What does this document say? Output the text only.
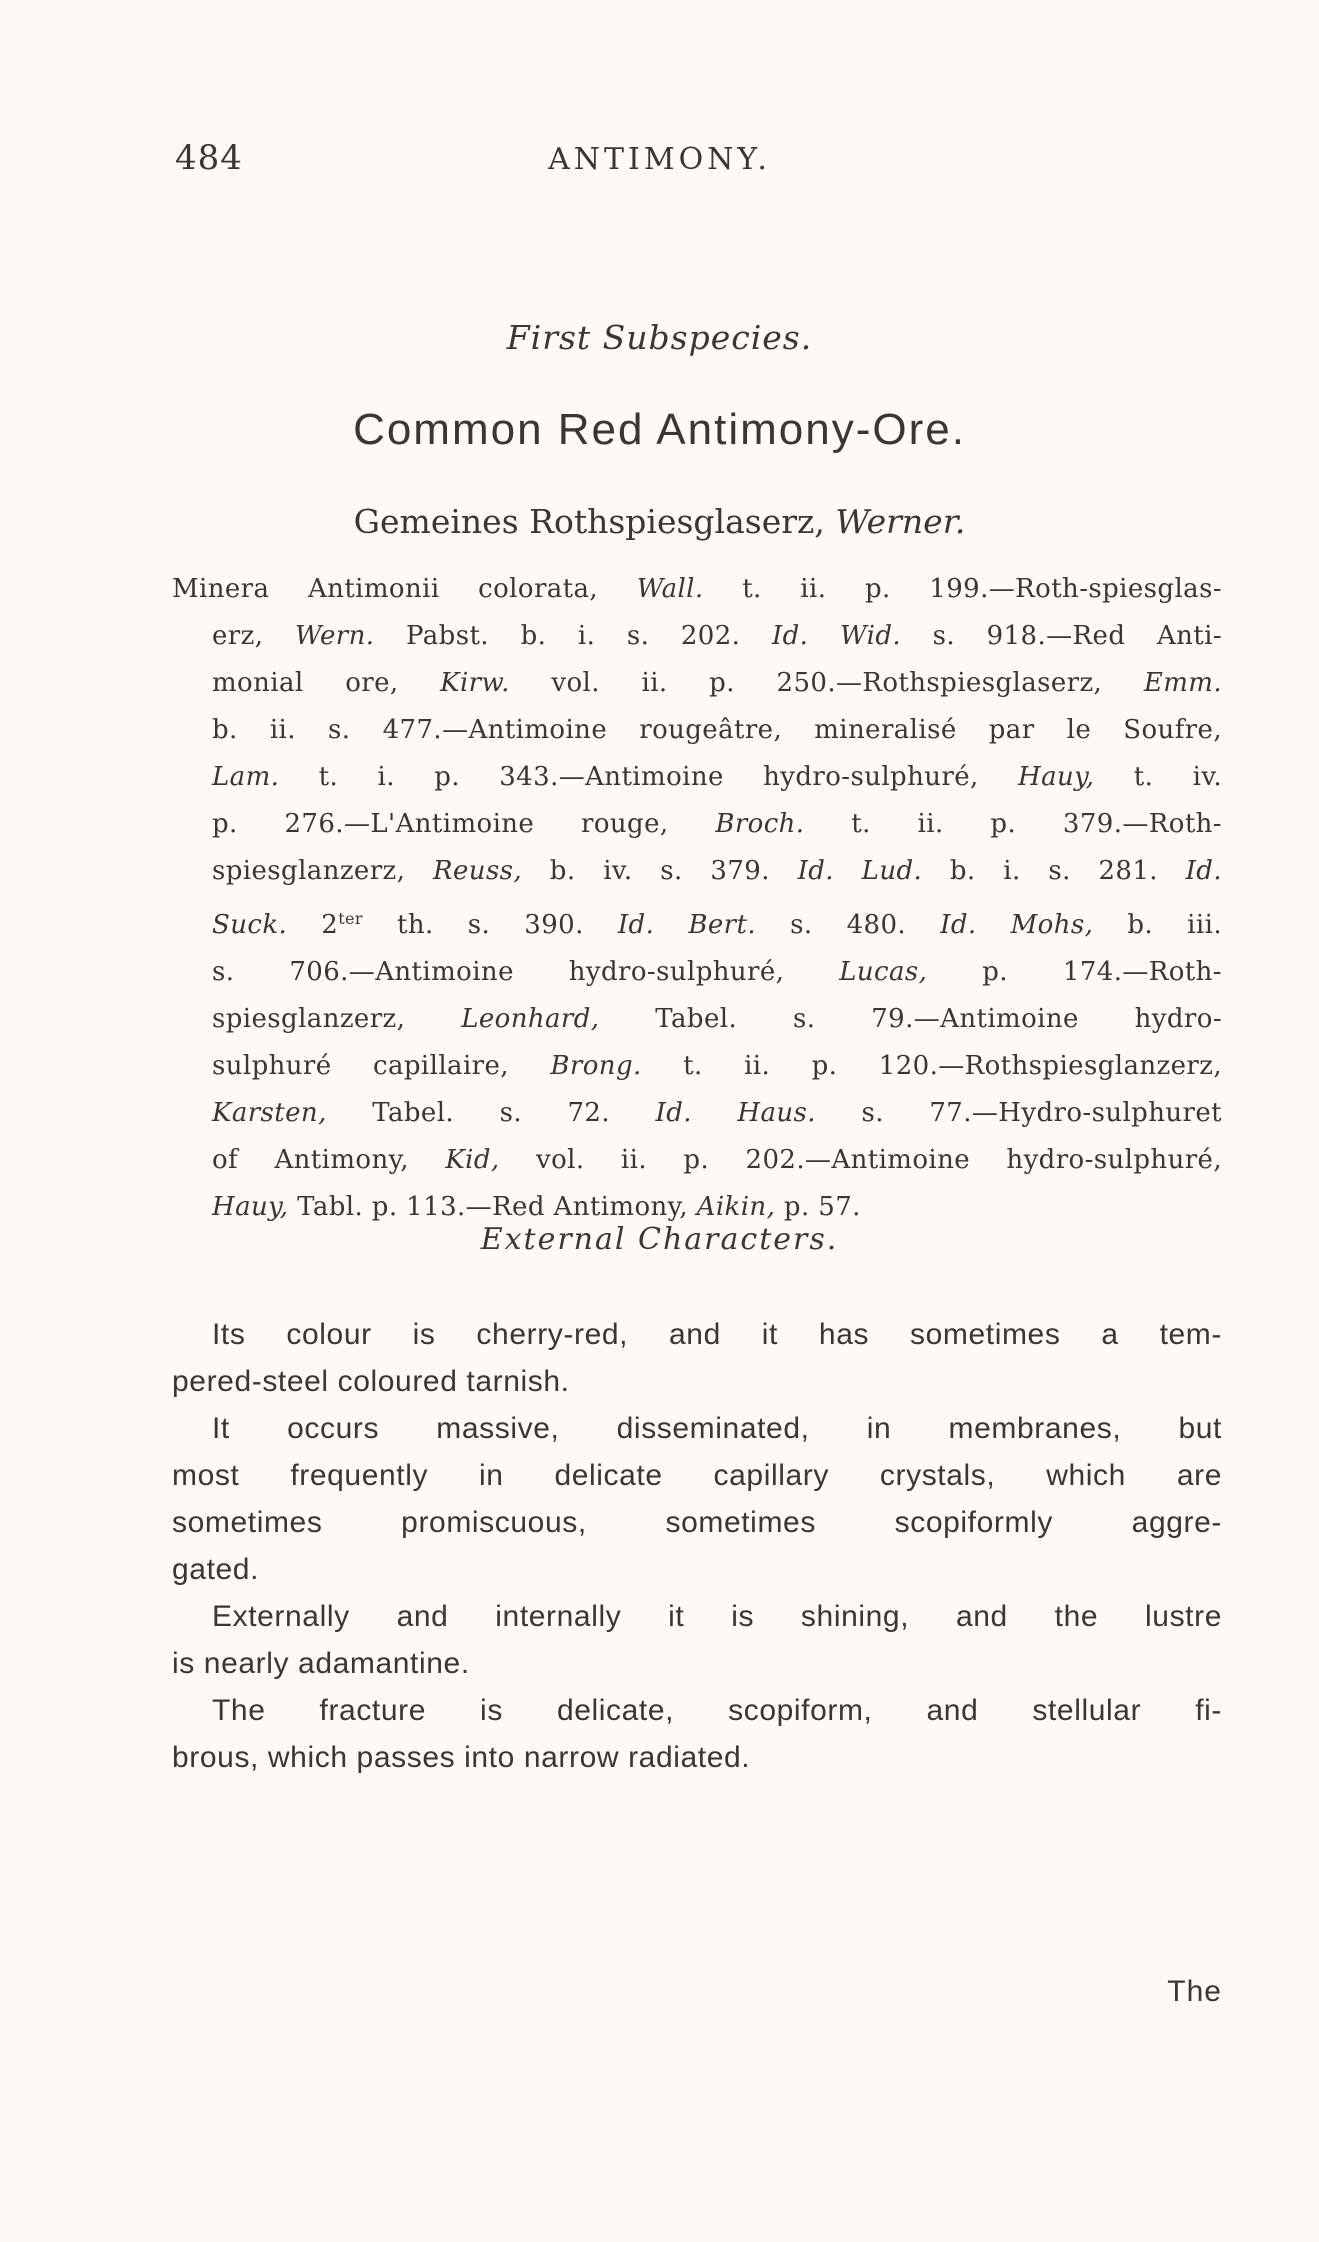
484	ANTIMONY.
First Subspecies.
Common Red Antimony-Ore.
Gemeines Rothspiesglaserz, Werner.
Minera Antimonii colorata, Wall. t. ii. p. 199.—Roth-spiesglas-
erz, Wern. Pabst. b. i. s. 202. Id. Wid. s. 918.—Red Anti-
monial ore, Kirw. vol. ii. p. 250.—Rothspiesglaserz, Emm.
b. ii. s. 477.—Antimoine rougeâtre, mineralisé par le Soufre,
Lam. t. i. p. 343.—Antimoine hydro-sulphuré, Hauy, t. iv.
p. 276.—L'Antimoine rouge, Broch. t. ii. p. 379.—Roth-
spiesglanzerz, Reuss, b. iv. s. 379. Id. Lud. b. i. s. 281. Id.
Suck. $2^{ter}$ th. s. 390. Id. Bert. s. 480. Id. Mohs, b. iii.
s. 706.—Antimoine hydro-sulphuré, Lucas, p. 174.—Roth-
spiesglanzerz, Leonhard, Tabel. s. 79.—Antimoine hydro-
sulphuré capillaire, Brong. t. ii. p. 120.—Rothspiesglanzerz,
Karsten, Tabel. s. 72. Id. Haus. s. 77.—Hydro-sulphuret
of Antimony, Kid, vol. ii. p. 202.—Antimoine hydro-sulphuré,
Hauy, Tabl. p. 113.—Red Antimony, Aikin, p. 57.
External Characters.
Its colour is cherry-red, and it has sometimes a tem-
pered-steel coloured tarnish.
It occurs massive, disseminated, in membranes, but
most frequently in delicate capillary crystals, which are
sometimes promiscuous, sometimes scopiformly aggre-
gated.
Externally and internally it is shining, and the lustre
is nearly adamantine.
The fracture is delicate, scopiform, and stellular fi-
brous, which passes into narrow radiated.
The
